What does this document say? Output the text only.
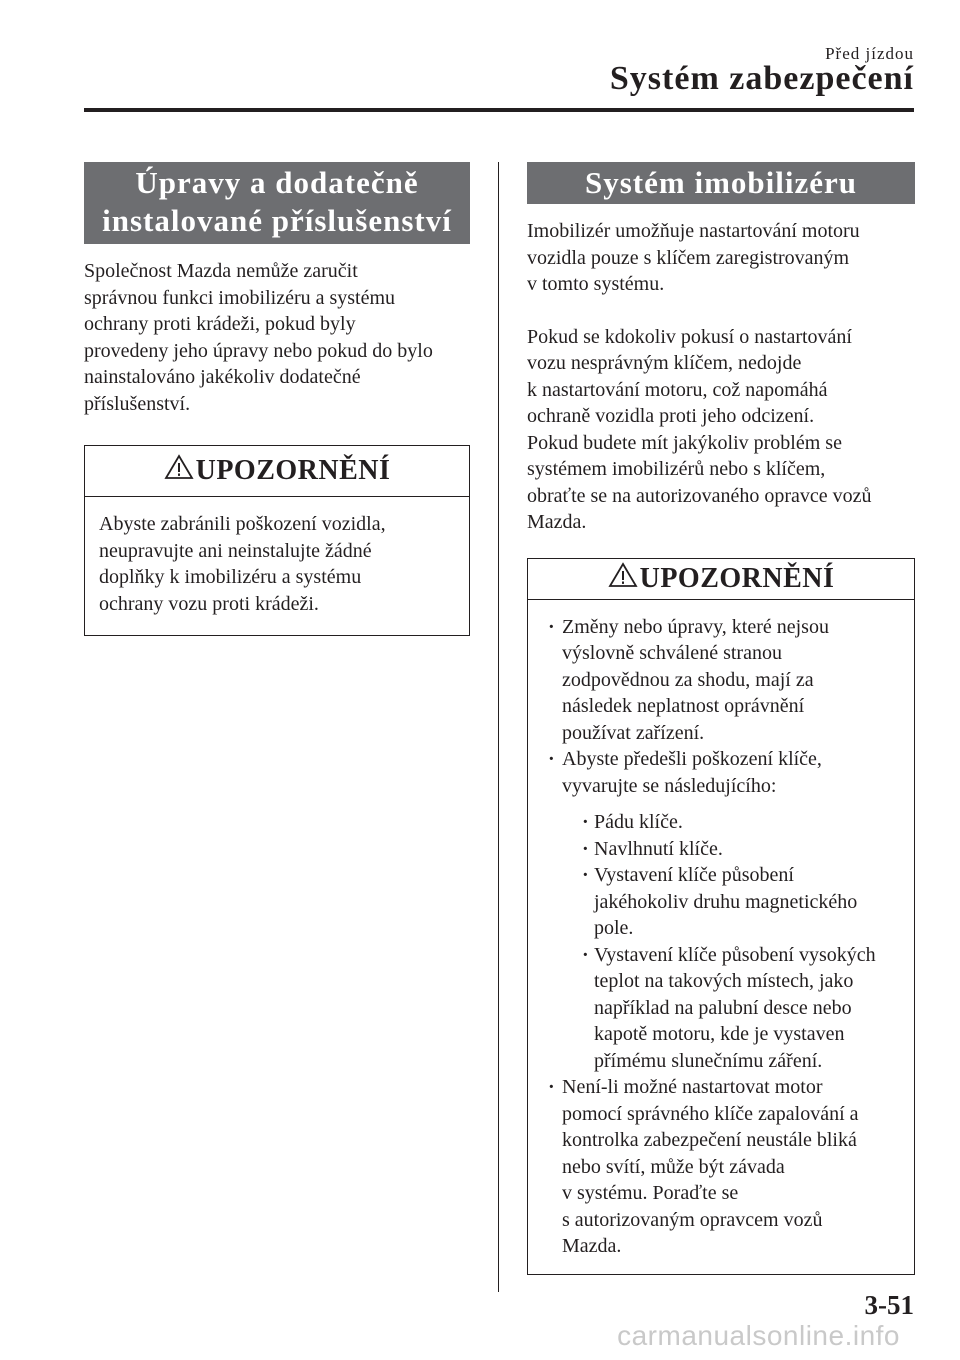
Před jízdou
Systém zabezpečení
Úpravy a dodatečně
instalované příslušenství

Společnost Mazda nemůže zaručit
správnou funkci imobilizéru a systému
ochrany proti krádeži, pokud byly
provedeny jeho úpravy nebo pokud do bylo
nainstalováno jakékoliv dodatečné
příslušenství.

UPOZORNĚNÍ

Abyste zabránili poškození vozidla,
neupravujte ani neinstalujte žádné
doplňky k imobilizéru a systému
ochrany vozu proti krádeži.

Systém imobilizéru

Imobilizér umožňuje nastartování motoru
vozidla pouze s klíčem zaregistrovaným
v tomto systému.

Pokud se kdokoliv pokusí o nastartování
vozu nesprávným klíčem, nedojde
k nastartování motoru, což napomáhá
ochraně vozidla proti jeho odcizení.
Pokud budete mít jakýkoliv problém se
systémem imobilizérů nebo s klíčem,
obraťte se na autorizovaného opravce vozů
Mazda.

UPOZORNĚNÍ
· Změny nebo úpravy, které nejsou
výslovně schválené stranou
zodpovědnou za shodu, mají za
následek neplatnost oprávnění
používat zařízení.
· Abyste předešli poškození klíče,
vyvarujte se následujícího:
· Pádu klíče.
· Navlhnutí klíče.
· Vystavení klíče působení
jakéhokoliv druhu magnetického
pole.
· Vystavení klíče působení vysokých
teplot na takových místech, jako
například na palubní desce nebo
kapotě motoru, kde je vystaven
přímému slunečnímu záření.
· Není-li možné nastartovat motor
pomocí správného klíče zapalování a
kontrolka zabezpečení neustále bliká
nebo svítí, může být závada
v systému. Poraďte se
s autorizovaným opravcem vozů
Mazda.
3-51
carmanualsonline.info
